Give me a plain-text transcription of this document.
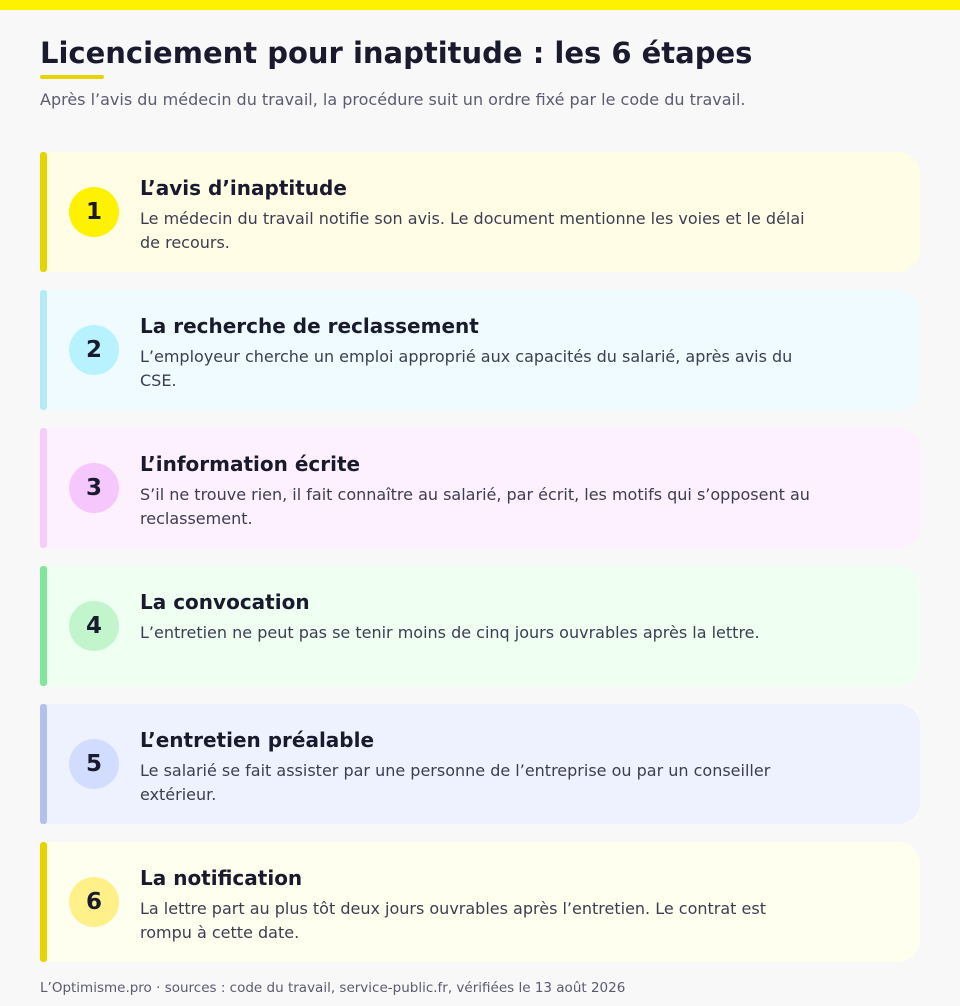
Licenciement pour inaptitude : les 6 étapes

Après l’avis du médecin du travail, la procédure suit un ordre fixé par le code du travail.

1
L’avis d’inaptitude
Le médecin du travail notifie son avis. Le document mentionne les voies et le délai de recours.
2
La recherche de reclassement
L’employeur cherche un emploi approprié aux capacités du salarié, après avis du CSE.
3
L’information écrite
S’il ne trouve rien, il fait connaître au salarié, par écrit, les motifs qui s’opposent au reclassement.
4
La convocation
L’entretien ne peut pas se tenir moins de cinq jours ouvrables après la lettre.
5
L’entretien préalable
Le salarié se fait assister par une personne de l’entreprise ou par un conseiller extérieur.
6
La notification
La lettre part au plus tôt deux jours ouvrables après l’entretien. Le contrat est rompu à cette date.

L’Optimisme.pro · sources : code du travail, service-public.fr, vérifiées le 13 août 2026
